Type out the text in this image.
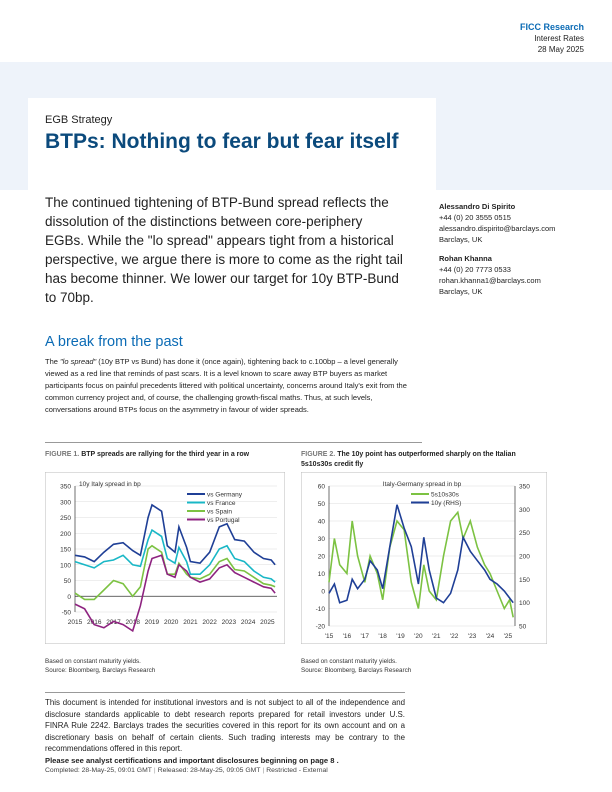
FICC Research
Interest Rates
28 May 2025
EGB Strategy
BTPs: Nothing to fear but fear itself
The continued tightening of BTP-Bund spread reflects the dissolution of the distinctions between core-periphery EGBs. While the "lo spread" appears tight from a historical perspective, we argue there is more to come as the right tail has become thinner. We lower our target for 10y BTP-Bund to 70bp.
Alessandro Di Spirito
+44 (0) 20 3555 0515
alessandro.dispirito@barclays.com
Barclays, UK
Rohan Khanna
+44 (0) 20 7773 0533
rohan.khanna1@barclays.com
Barclays, UK
A break from the past
The "lo spread" (10y BTP vs Bund) has done it (once again), tightening back to c.100bp – a level generally viewed as a red line that reminds of past scars. It is a level known to scare away BTP buyers as market participants focus on painful precedents littered with political uncertainty, concerns around Italy's exit from the common currency project and, of course, the challenging growth-fiscal maths. Thus, at such levels, conversations around BTPs focus on the asymmetry in favour of wider spreads.
FIGURE 1. BTP spreads are rallying for the third year in a row	FIGURE 2. The 10y point has outperformed sharply on the Italian 5s10s30s credit fly
-50
0
50
100
150
200
250
300
350
2015 2016 2017 2018 2019 2020 2021 2022 2023 2024 2025
10y Italy spread in bp
vs Germany
vs France
vs Spain
vs Portugal
-20
-10
0
10
20
30
40
50
60
50
100
150
200
250
300
350
'15 '16 '17 '18 '19 '20 '21 '22 '23 '24 '25
Italy-Germany spread in bp
5s10s30s
10y (RHS)
Based on constant maturity yields.
Source: Bloomberg, Barclays Research
Based on constant maturity yields.
Source: Bloomberg, Barclays Research
This document is intended for institutional investors and is not subject to all of the independence and disclosure standards applicable to debt research reports prepared for retail investors under U.S. FINRA Rule 2242. Barclays trades the securities covered in this report for its own account and on a discretionary basis on behalf of certain clients. Such trading interests may be contrary to the recommendations offered in this report.
Please see analyst certifications and important disclosures beginning on page 8 .
Completed: 28-May-25, 09:01 GMT | Released: 28-May-25, 09:05 GMT | Restricted - External
